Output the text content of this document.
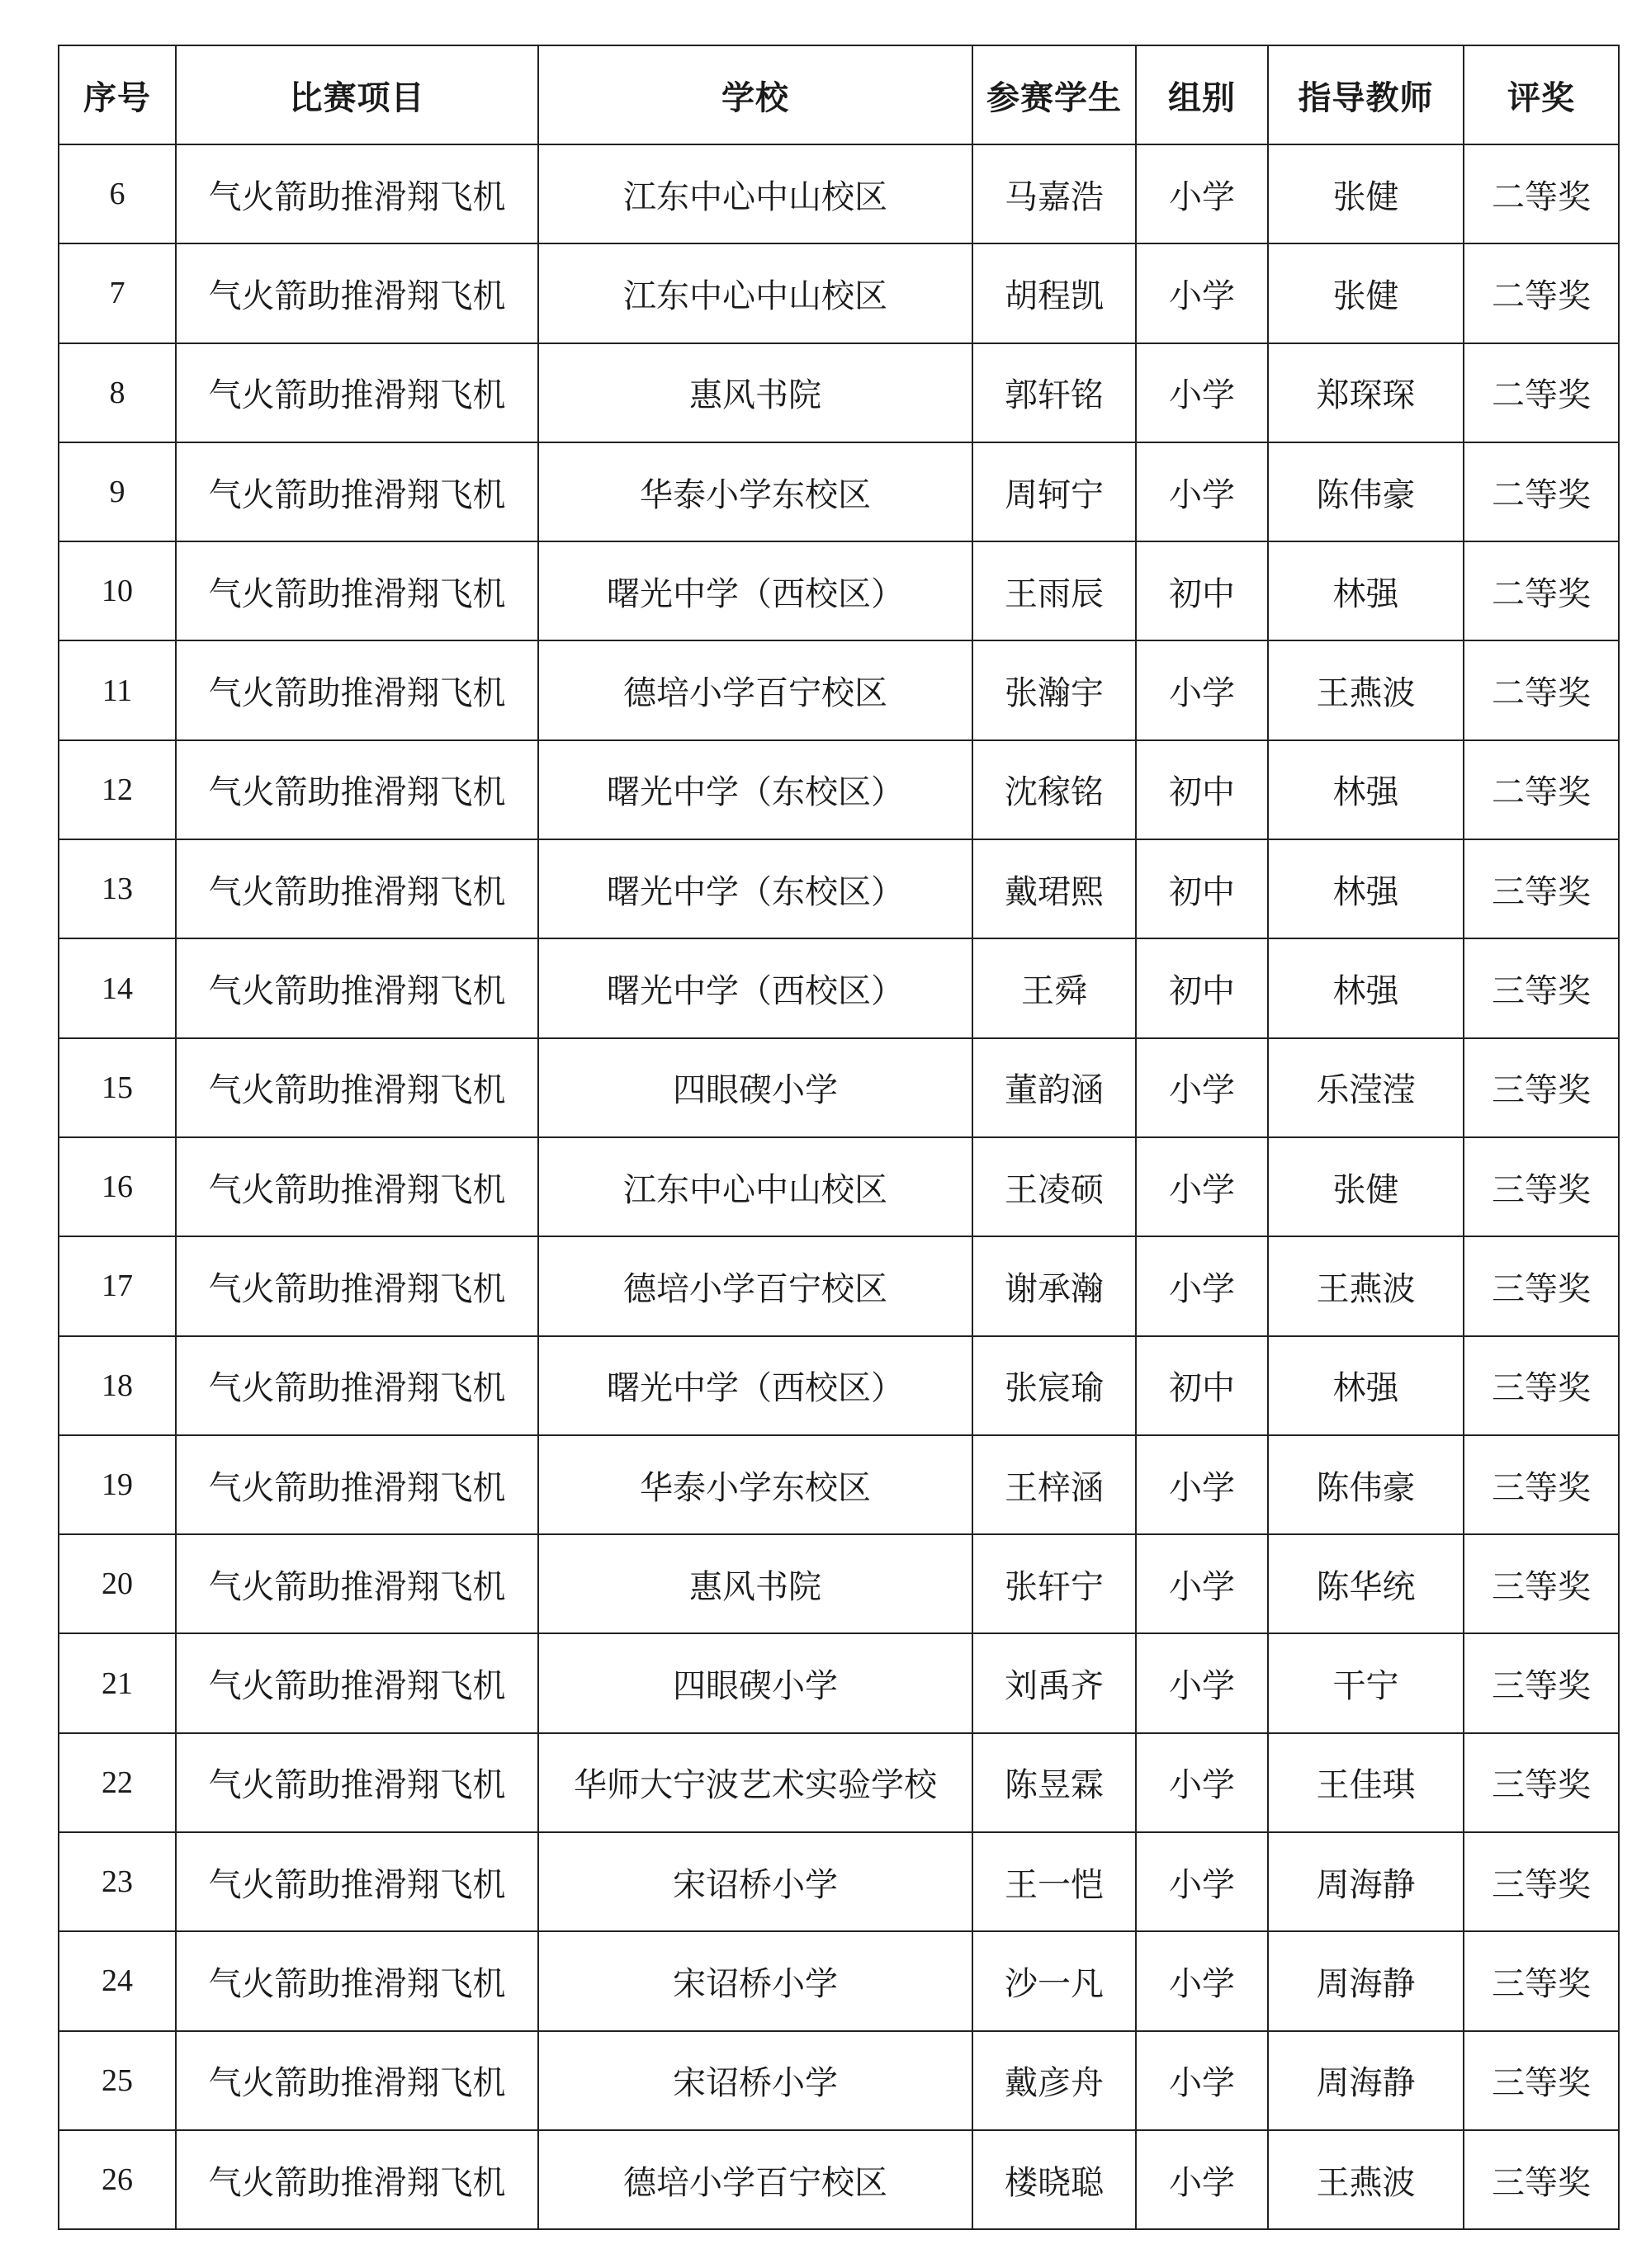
序号	比赛项目	学校	参赛学生	组别	指导教师	评奖
6	气火箭助推滑翔飞机	江东中心中山校区	马嘉浩	小学	张健	二等奖
7	气火箭助推滑翔飞机	江东中心中山校区	胡程凯	小学	张健	二等奖
8	气火箭助推滑翔飞机	惠风书院	郭轩铭	小学	郑琛琛	二等奖
9	气火箭助推滑翔飞机	华泰小学东校区	周轲宁	小学	陈伟豪	二等奖
10	气火箭助推滑翔飞机	曙光中学（西校区）	王雨辰	初中	林强	二等奖
11	气火箭助推滑翔飞机	德培小学百宁校区	张瀚宇	小学	王燕波	二等奖
12	气火箭助推滑翔飞机	曙光中学（东校区）	沈稼铭	初中	林强	二等奖
13	气火箭助推滑翔飞机	曙光中学（东校区）	戴珺熙	初中	林强	三等奖
14	气火箭助推滑翔飞机	曙光中学（西校区）	王舜	初中	林强	三等奖
15	气火箭助推滑翔飞机	四眼碶小学	董韵涵	小学	乐滢滢	三等奖
16	气火箭助推滑翔飞机	江东中心中山校区	王凌硕	小学	张健	三等奖
17	气火箭助推滑翔飞机	德培小学百宁校区	谢承瀚	小学	王燕波	三等奖
18	气火箭助推滑翔飞机	曙光中学（西校区）	张宸瑜	初中	林强	三等奖
19	气火箭助推滑翔飞机	华泰小学东校区	王梓涵	小学	陈伟豪	三等奖
20	气火箭助推滑翔飞机	惠风书院	张轩宁	小学	陈华统	三等奖
21	气火箭助推滑翔飞机	四眼碶小学	刘禹齐	小学	干宁	三等奖
22	气火箭助推滑翔飞机	华师大宁波艺术实验学校	陈昱霖	小学	王佳琪	三等奖
23	气火箭助推滑翔飞机	宋诏桥小学	王一恺	小学	周海静	三等奖
24	气火箭助推滑翔飞机	宋诏桥小学	沙一凡	小学	周海静	三等奖
25	气火箭助推滑翔飞机	宋诏桥小学	戴彦舟	小学	周海静	三等奖
26	气火箭助推滑翔飞机	德培小学百宁校区	楼晓聪	小学	王燕波	三等奖
